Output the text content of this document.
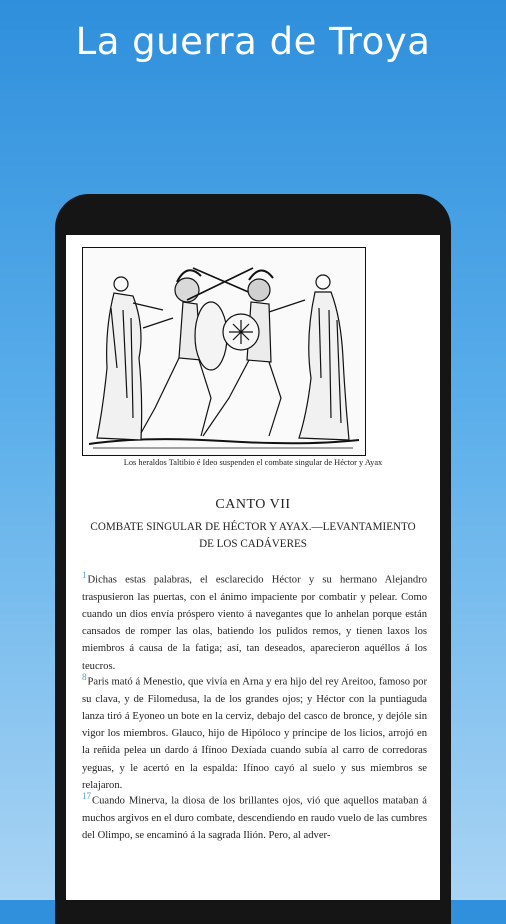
La guerra de Troya
Los heraldos Taltibio é Ideo suspenden el combate singular de Héctor y Ayax
CANTO VII
COMBATE SINGULAR DE HÉCTOR Y AYAX.—LEVANTAMIENTO
DE LOS CADÁVERES

$^1$Dichas estas palabras, el esclarecido Héctor y su hermano Alejandro traspusieron las puertas, con el ánimo impaciente por combatir y pelear. Como cuando un dios envía próspero viento á navegantes que lo anhelan porque están cansados de romper las olas, batiendo los pulidos remos, y tienen laxos los miembros á causa de la fatiga; así, tan deseados, aparecieron aquéllos á los teucros.

$^8$Paris mató á Menestio, que vivía en Arna y era hijo del rey Areitoo, famoso por su clava, y de Filomedusa, la de los grandes ojos; y Héctor con la puntiaguda lanza tiró á Eyoneo un bote en la cerviz, debajo del casco de bronce, y dejóle sin vigor los miembros. Glauco, hijo de Hipóloco y príncipe de los licios, arrojó en la reñida pelea un dardo á Ifínoo Dexíada cuando subía al carro de corredoras yeguas, y le acertó en la espalda: Ifínoo cayó al suelo y sus miembros se relajaron.

$^{17}$Cuando Minerva, la diosa de los brillantes ojos, vió que aquellos mataban á muchos argivos en el duro combate, descendiendo en raudo vuelo de las cumbres del Olimpo, se encaminó á la sagrada Ilión. Pero, al adver-
